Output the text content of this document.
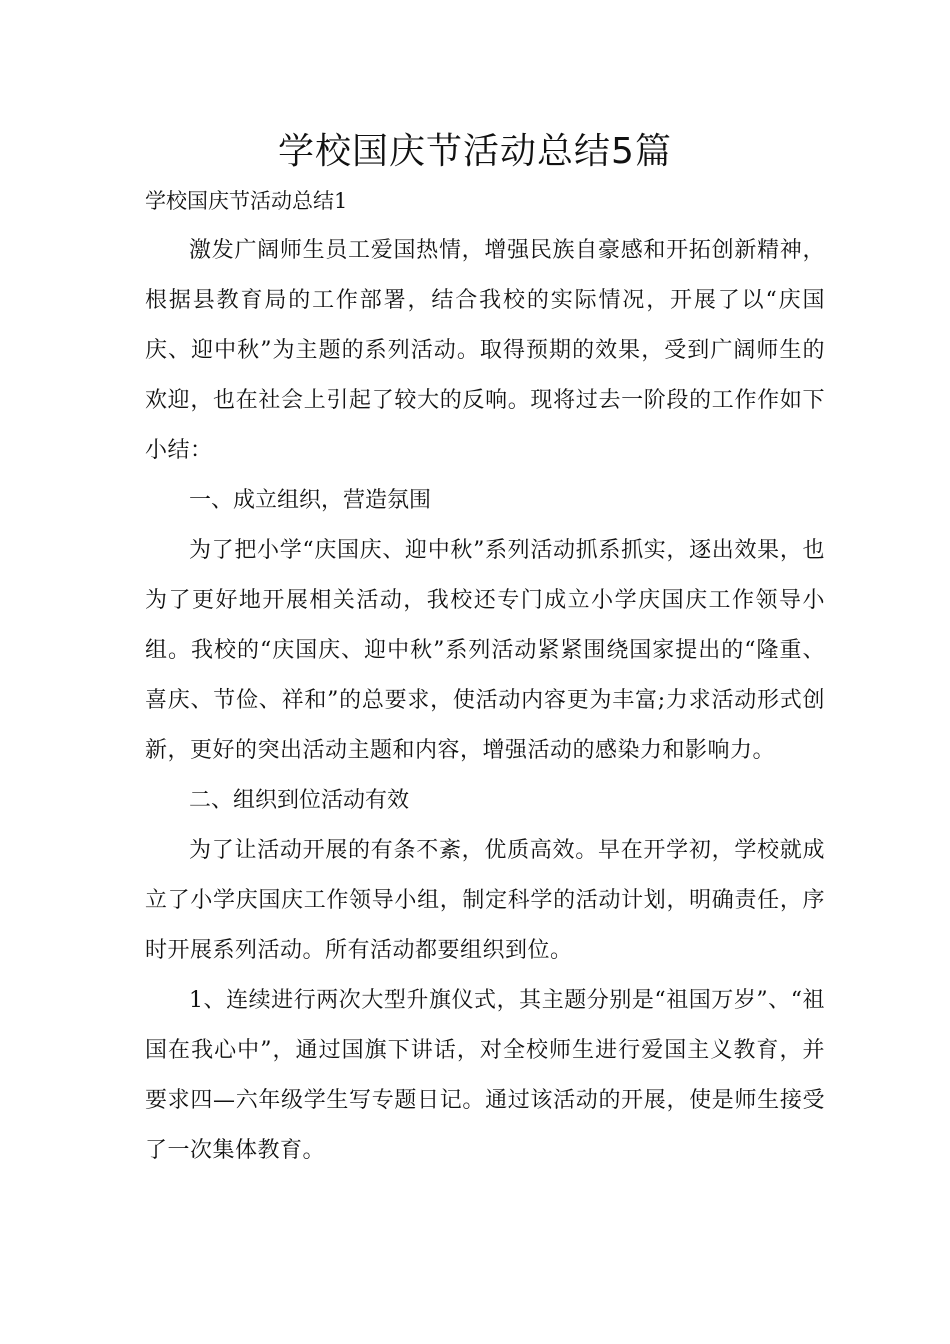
学校国庆节活动总结5篇

学校国庆节活动总结1

激发广阔师生员工爱国热情，增强民族自豪感和开拓创新精神，根据县教育局的工作部署，结合我校的实际情况，开展了以“庆国庆、迎中秋”为主题的系列活动。取得预期的效果，受到广阔师生的欢迎，也在社会上引起了较大的反响。现将过去一阶段的工作作如下小结：

一、成立组织，营造氛围

为了把小学“庆国庆、迎中秋”系列活动抓系抓实，逐出效果，也为了更好地开展相关活动，我校还专门成立小学庆国庆工作领导小组。我校的“庆国庆、迎中秋”系列活动紧紧围绕国家提出的“隆重、喜庆、节俭、祥和”的总要求，使活动内容更为丰富;力求活动形式创新，更好的突出活动主题和内容，增强活动的感染力和影响力。

二、组织到位活动有效

为了让活动开展的有条不紊，优质高效。早在开学初，学校就成立了小学庆国庆工作领导小组，制定科学的活动计划，明确责任，序时开展系列活动。所有活动都要组织到位。

1、连续进行两次大型升旗仪式，其主题分别是“祖国万岁”、“祖国在我心中”，通过国旗下讲话，对全校师生进行爱国主义教育，并要求四—六年级学生写专题日记。通过该活动的开展，使是师生接受了一次集体教育。
